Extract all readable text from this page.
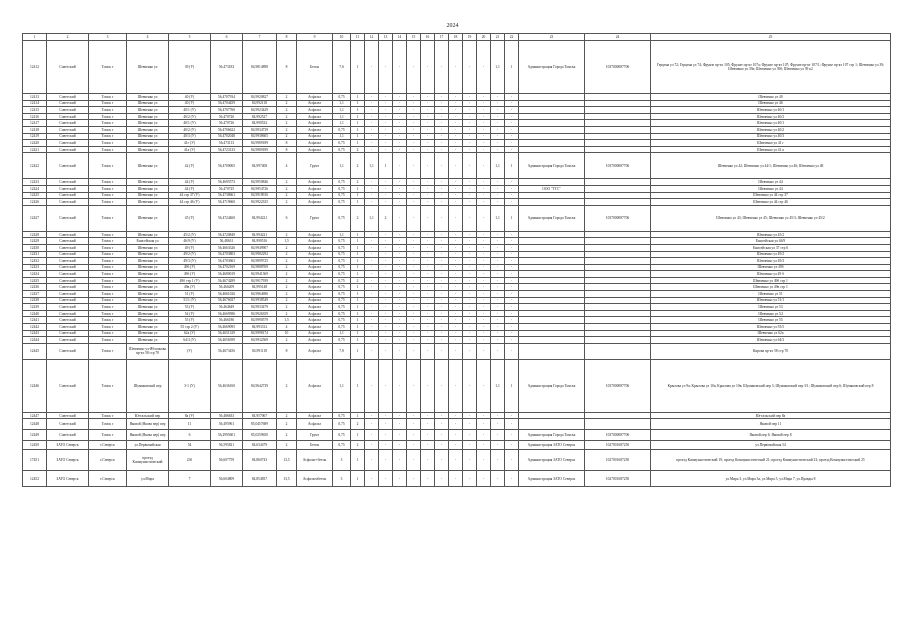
2024
1	2	3	4	5	6	7	8	9	10	11	12	13	14	15	16	17	18	19	20	21	22	23	24	25
12412	Советский	Томск г	Шевченко ул	39 (У)	56,473183	84,9814898	8	Бетон	7,6	1	-	-	-	-	-	-	-	-	-	1,1	1	Администрация Города Томска	1037000087706	Герцена ул 72; Герцена ул 74; Фрунзе пр-кт 105; Фрунзе пр-кт 107а; Фрунзе пр-кт 107; Фрунзе пр-кт 107/1; Фрунзе пр-кт 107 стр 1; Шевченко ул 39; Шевченко ул 39а; Шевченко ул 39б; Шевченко ул 39 к2
12413	Советский	Томск г	Шевченко ул	40 (У)	56,4707934	84,9920827	2	Асфальт	0,75	1	-	-	-	-	-	-	-	-	-	-	-			Шевченко ул 40
12414	Советский	Томск г	Шевченко ул	40 (У)	56,4704459	84,992118	2	Асфальт	1,1	1	-	-	-	-	-	-	-	-	-	-	-			Шевченко ул 46
12415	Советский	Томск г	Шевченко ул	40/1 (У)	56,4707760	84,9923429	2	Асфальт	1,1	1	-	-	-	-	-	-	-	-	-	-	-			Шевченко ул 40/1
12416	Советский	Томск г	Шевченко ул	40/2 (У)	56,470726	84,992527	2	Асфальт	1,1	1	-	-	-	-	-	-	-	-	-	-	-			Шевченко ул 40/2
12417	Советский	Томск г	Шевченко ул	40/1 (У)	56,470726	84,990532	2	Асфальт	1,1	1	-	-	-	-	-	-	-	-	-	-	-			Шевченко ул 40/1
12418	Советский	Томск г	Шевченко ул	40/2 (У)	56,4706622	84,9934739	2	Асфальт	0,75	1	-	-	-	-	-	-	-	-	-	-	-			Шевченко ул 40/2
12419	Советский	Томск г	Шевченко ул	40/3 (У)	56,4702048	84,9938605	2	Асфальт	1,1	1	-	-	-	-	-	-	-	-	-	-	-			Шевченко ул 40/3
12420	Советский	Томск г	Шевченко ул	41г (У)	56,473113	84,9989189	8	Асфальт	0,75	1	-	-	-	-	-	-	-	-	-	-	-			Шевченко ул 41 г
12421	Советский	Томск г	Шевченко ул	41а (У)	56,4723133	84,9989189	8	Асфальт	0,75	2	-	-	-	-	-	-	-	-	-	-	-			Шевченко ул 41 а
12422	Советский	Томск г	Шевченко ул	42 (У)	56,4700065	84,997408	4	Грунт	1,1	2	1,1	1	-	-	-	-	-	-	-	1,1	1	Администрация Города Томска	1037000087706	Шевченко ул 42; Шевченко ул 44/1; Шевченко ул 46; Шевченко ул 48
12423	Советский	Томск г	Шевченко ул	44 (У)	56,4695573	84,9950846	2	Асфальт	0,75	2	-	-	-	-	-	-	-	-	-	-	-			Шевченко ул 44
12424	Советский	Томск г	Шевченко ул	44 (У)	56,470725	84,9954726	2	Асфальт	0,75	1	-	-	-	-	-	-	-	-	-	-	-	ООО "ТТС"		Шевченко ул 44
12425	Советский	Томск г	Шевченко ул	44 стр 37 (У)	56,4738661	84,9918916	2	Асфальт	0,75	1	-	-	-	-	-	-	-	-	-	-	-			Шевченко ул 44 стр 37
12426	Советский	Томск г	Шевченко ул	44 стр 46 (У)	56,4719660	84,9922335	2	Асфальт	0,75	1	-	-	-	-	-	-	-	-	-	-	-			Шевченко ул 44 стр 46
12427	Советский	Томск г	Шевченко ул	45 (У)	56,4724460	84,994221	6	Грунт	0,75	2	1,1	2	-	-	-	-	-	-	-	1,1	1	Администрация Города Томска	1037000087706	Шевченко ул 43; Шевченко ул 45; Шевченко ул 45/3; Шевченко ул 45/2
12428	Советский	Томск г	Шевченко ул	45/2 (У)	56,4720849	84,994221	2	Асфальт	1,1	1	-	-	-	-	-	-	-	-	-	-	-			Шевченко ул 45/2
12429	Советский	Томск г	Енисейская ул	46/9 (У)	56,48631	84,990516	1,5	Асфальт	0,75	1	-	-	-	-	-	-	-	-	-	-	-			Енисейская ул 46/9
12430	Советский	Томск г	Шевченко ул	49 (У)	56,4663326	84,9949907	2	Асфальт	0,75	1	-	-	-	-	-	-	-	-	-	-	-			Енисейская ул 37 стр 6
12431	Советский	Томск г	Шевченко ул	49/2 (У)	56,4703803	84,9982292	2	Асфальт	0,75	1	-	-	-	-	-	-	-	-	-	-	-			Шевченко ул 49/2
12432	Советский	Томск г	Шевченко ул	49/3 (У)	56,4703663	84,9899725	2	Асфальт	0,75	1	-	-	-	-	-	-	-	-	-	-	-			Шевченко ул 49/3
12433	Советский	Томск г	Шевченко ул	49б (У)	56,4702169	84,9888769	2	Асфальт	0,75	1	-	-	-	-	-	-	-	-	-	-	-			Шевченко ул 49б
12434	Советский	Томск г	Шевченко ул	49б (У)	56,4680019	84,9941369	2	Асфальт	0,75	1	-	-	-	-	-	-	-	-	-	-	-			Шевченко ул 49 б
12435	Советский	Томск г	Шевченко ул	49б стр 1 (У)	56,4674289	84,9917939	2	Асфальт	0,75	2	-	-	-	-	-	-	-	-	-	-	-			Шевченко ул 49б стр 1
12436	Советский	Томск г	Шевченко ул	49в (У)	56,466209	84,995148	2	Асфальт	0,75	1	-	-	-	-	-	-	-	-	-	-	-			Шевченко ул 49в стр 1
12437	Советский	Томск г	Шевченко ул	51 (У)	56,4661026	84,9964696	2	Асфальт	0,75	1	-	-	-	-	-	-	-	-	-	-	-			Шевченко ул 51
12438	Советский	Томск г	Шевченко ул	51/1 (У)	56,4676027	84,9938549	2	Асфальт	0,75	1	-	-	-	-	-	-	-	-	-	-	-			Шевченко ул 51/1
12439	Советский	Томск г	Шевченко ул	53 (У)	56,464649	84,9933479	2	Асфальт	0,75	1	-	-	-	-	-	-	-	-	-	-	-			Шевченко ул 53
12440	Советский	Томск г	Шевченко ул	54 (У)	56,4669586	84,9926359	2	Асфальт	0,75	1	-	-	-	-	-	-	-	-	-	-	-			Шевченко ул 54
12441	Советский	Томск г	Шевченко ул	55 (У)	56,466186	84,9990579	1,5	Асфальт	0,75	1	-	-	-	-	-	-	-	-	-	-	-			Шевченко ул 55
12442	Советский	Томск г	Шевченко ул	55 стр 2 (У)	56,4669095	84,993312	4	Асфальт	0,75	1	-	-	-	-	-	-	-	-	-	-	-			Шевченко ул 55/5
12443	Советский	Томск г	Шевченко ул	62а (У)	56,4651329	84,9998174	10	Асфальт	1,1	1	-	-	-	-	-	-	-	-	-	-	-			Шевченко ул 62а
12444	Советский	Томск г	Шевченко ул	64/3 (У)	56,4656399	84,9932569	2	Асфальт	0,75	1	-	-	-	-	-	-	-	-	-	-	-			Шевченко ул 64/3
12445	Советский	Томск г	Шевченко ул-Яблочкова пр-кт 58 стр 70	(У)	56,4673456	84,991118	8	Асфальт	7,8	1	-	-	-	-	-	-	-	-	-	-	-			Кирова пр-кт 58 стр 70
12446	Советский	Томск г	Шумяковский пер	3-1 (У)	56,4636160	84,9642739	2	Асфальт	1,1	1	-	-	-	-	-	-	-	-	-	1,1	1	Администрация Города Томска	1037000087706	Крылова ул 9а; Крылова ул 10а; Крылова ул 10в; Шумяковский пер 3; Шумяковский пер 3/1; Шумяковский пер 6; Шумяковский пер 8
12447	Советский	Томск г	Югтальский пер	8а (У)	56,486633	84,957067	2	Асфальт	0,75	1	-	-	-	-	-	-	-	-	-	-	-			Югтальский пер 8а
12448	Советский	Томск г	Яковой (Якова пер) пер	11	56,495961	85,0457689	2	Асфальт	0,75	2	-	-	-	-	-	-	-	-	-	-	-			Яковой пер 11
12449	Советский	Томск г	Яковой (Якова пер) пер	6	56,2995601	85,0259650	2	Грунт	0,75	1	-	-	-	-	-	-	-	-	-	-	-	Администрация Города Томска	1037000087706	Яковой пер 6; Яковой пер 8
12450	ЗАТО Северск	г.Северск	ул.Первомайская	54	56,595821	84,634479	2	Бетон	0,75	2	-	-	-	-	-	-	-	-	-	-	-	Администрация ЗАТО Северск	1027001687250	ул.Первомайская 54
17451	ЗАТО Северск	г.Северск	проезд Коммунистический	23б	56,607759	84,860743	13,5	Асфальт+бетон	3	1	-	-	-	-	-	-	-	-	-	-	-	Администрация ЗАТО Северск	1027001687250	проезд Коммунистический 19; проезд Коммунистический 21; проезд Коммунистический 23; проезд Коммунистический 25
12452	ЗАТО Северск	г.Северск	ул.Мира	7	56,604809	84,854837	13,5	Асфальтобетон	3	1	-	-	-	-	-	-	-	-	-	-	-	Администрация ЗАТО Северск	1027001687250	ул.Мира 3, ул.Мира 3а, ул.Мира 5, ул.Мира 7, ул.Правды 8
